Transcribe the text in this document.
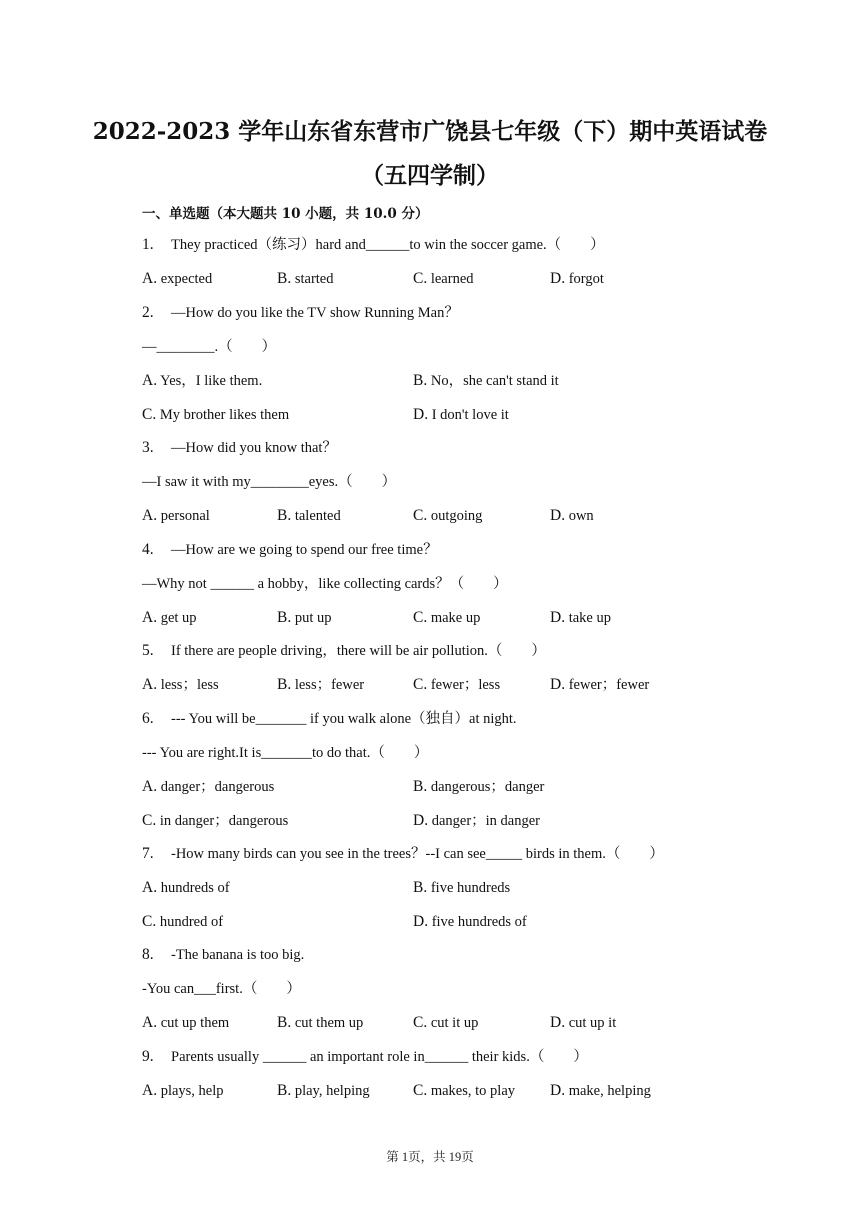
2022-2023 学年山东省东营市广饶县七年级（下）期中英语试卷
（五四学制）
一、单选题（本大题共 10 小题，共 10.0 分）
1. They practiced（练习）hard and______to win the soccer game.（　　）
A. expected	B. started	C. learned	D. forgot
2. —How do you like the TV show Running Man？
—________.（　　）
A. Yes，I like them.	B. No，she can't stand it
C. My brother likes them	D. I don't love it
3. —How did you know that？
—I saw it with my________eyes.（　　）
A. personal	B. talented	C. outgoing	D. own
4. —How are we going to spend our free time？
—Why not ______ a hobby，like collecting cards？（　　）
A. get up	B. put up	C. make up	D. take up
5. If there are people driving，there will be air pollution.（　　）
A. less；less	B. less；fewer	C. fewer；less	D. fewer；fewer
6. --- You will be_______ if you walk alone（独自）at night.
--- You are right.It is_______to do that.（　　）
A. danger；dangerous	B. dangerous；danger
C. in danger；dangerous	D. danger；in danger
7. -How many birds can you see in the trees？--I can see_____ birds in them.（　　）
A. hundreds of	B. five hundreds
C. hundred of	D. five hundreds of
8. -The banana is too big.
-You can___first.（　　）
A. cut up them	B. cut them up	C. cut it up	D. cut up it
9. Parents usually ______ an important role in______ their kids.（　　）
A. plays, help	B. play, helping	C. makes, to play D. make, helping
第 1页，共 19页
